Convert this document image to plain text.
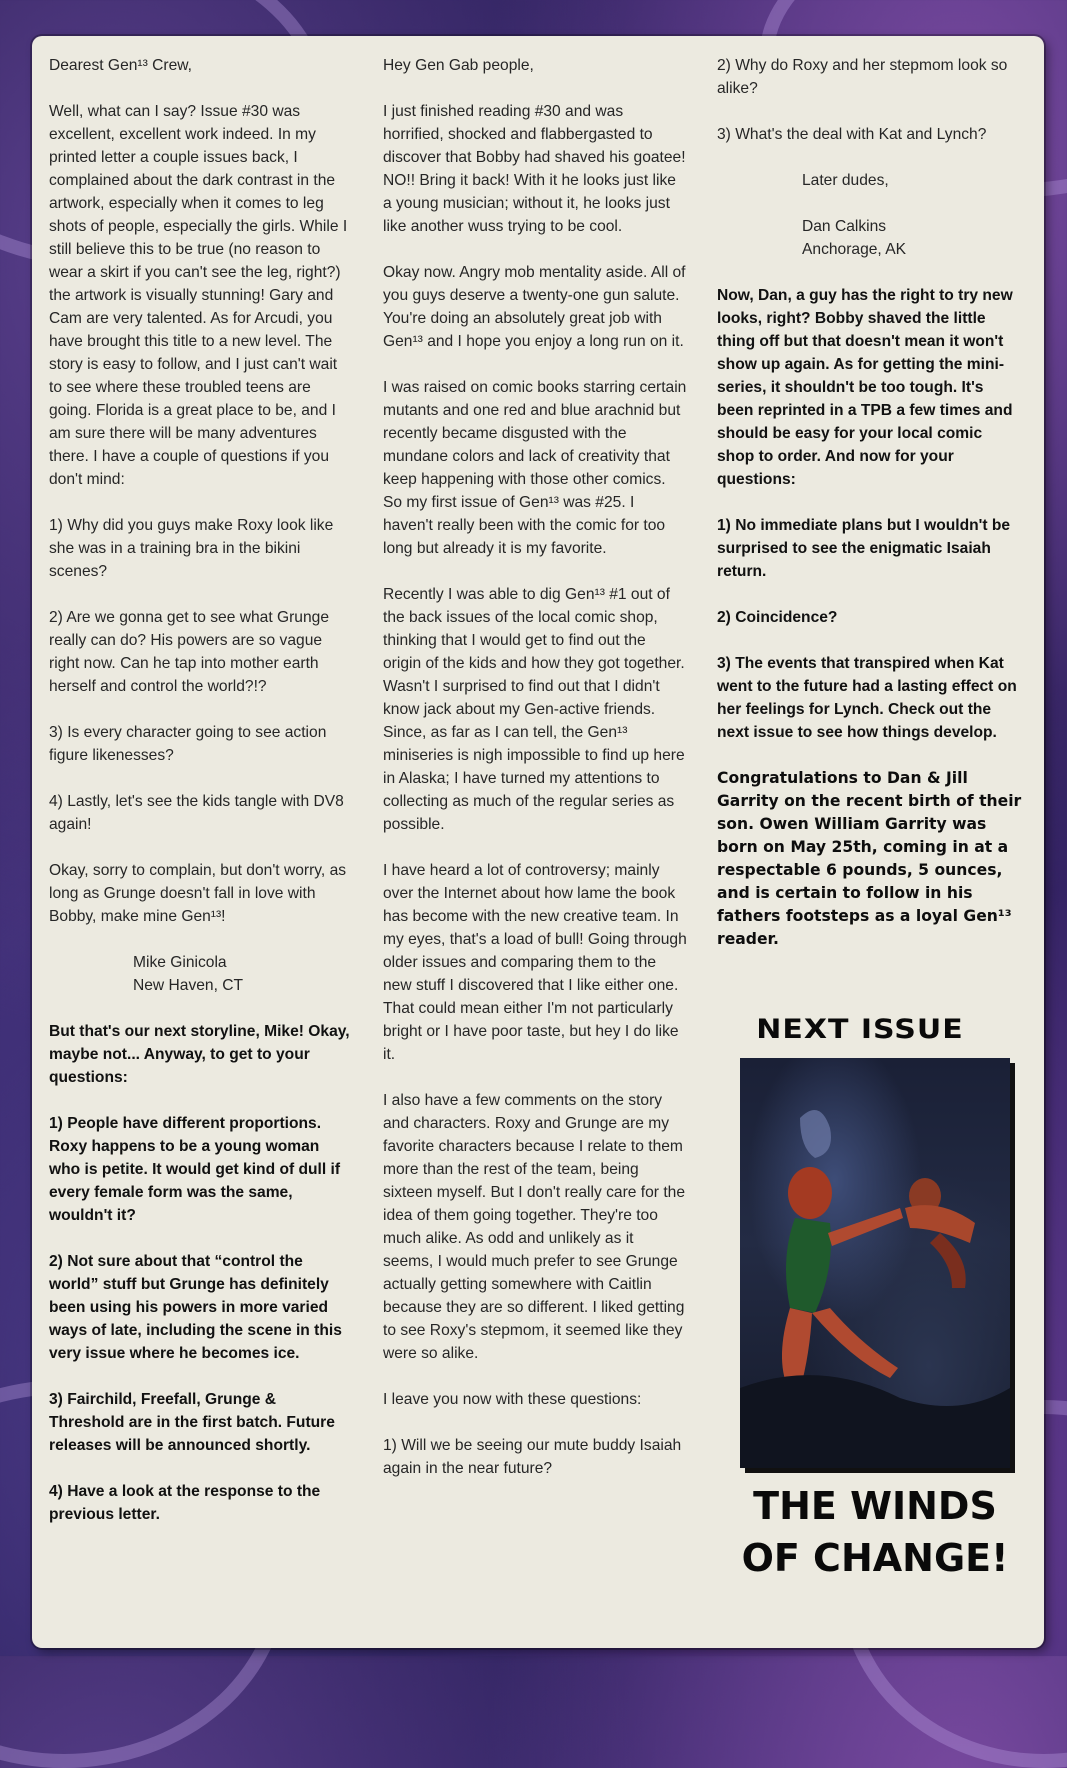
Dearest Gen¹³ Crew,

Well, what can I say? Issue #30 was excellent, excellent work indeed. In my printed letter a couple issues back, I complained about the dark contrast in the artwork, especially when it comes to leg shots of people, especially the girls. While I still believe this to be true (no reason to wear a skirt if you can't see the leg, right?) the artwork is visually stunning! Gary and Cam are very talented. As for Arcudi, you have brought this title to a new level. The story is easy to follow, and I just can't wait to see where these troubled teens are going. Florida is a great place to be, and I am sure there will be many adventures there. I have a couple of questions if you don't mind:

1) Why did you guys make Roxy look like she was in a training bra in the bikini scenes?

2) Are we gonna get to see what Grunge really can do? His powers are so vague right now. Can he tap into mother earth herself and control the world?!?

3) Is every character going to see action figure likenesses?

4) Lastly, let's see the kids tangle with DV8 again!

Okay, sorry to complain, but don't worry, as long as Grunge doesn't fall in love with Bobby, make mine Gen¹³!

Mike Ginicola
New Haven, CT

But that's our next storyline, Mike! Okay, maybe not... Anyway, to get to your questions:

1) People have different proportions. Roxy happens to be a young woman who is petite. It would get kind of dull if every female form was the same, wouldn't it?

2) Not sure about that “control the world” stuff but Grunge has definitely been using his powers in more varied ways of late, including the scene in this very issue where he becomes ice.

3) Fairchild, Freefall, Grunge & Threshold are in the first batch. Future releases will be announced shortly.

4) Have a look at the response to the previous letter.

Hey Gen Gab people,

I just finished reading #30 and was horrified, shocked and flabbergasted to discover that Bobby had shaved his goatee! NO!! Bring it back! With it he looks just like a young musician; without it, he looks just like another wuss trying to be cool.

Okay now. Angry mob mentality aside. All of you guys deserve a twenty-one gun salute. You're doing an absolutely great job with Gen¹³ and I hope you enjoy a long run on it.

I was raised on comic books starring certain mutants and one red and blue arachnid but recently became disgusted with the mundane colors and lack of creativity that keep happening with those other comics. So my first issue of Gen¹³ was #25. I haven't really been with the comic for too long but already it is my favorite.

Recently I was able to dig Gen¹³ #1 out of the back issues of the local comic shop, thinking that I would get to find out the origin of the kids and how they got together. Wasn't I surprised to find out that I didn't know jack about my Gen-active friends. Since, as far as I can tell, the Gen¹³ miniseries is nigh impossible to find up here in Alaska; I have turned my attentions to collecting as much of the regular series as possible.

I have heard a lot of controversy; mainly over the Internet about how lame the book has become with the new creative team. In my eyes, that's a load of bull! Going through older issues and comparing them to the new stuff I discovered that I like either one. That could mean either I'm not particularly bright or I have poor taste, but hey I do like it.

I also have a few comments on the story and characters. Roxy and Grunge are my favorite characters because I relate to them more than the rest of the team, being sixteen myself. But I don't really care for the idea of them going together. They're too much alike. As odd and unlikely as it seems, I would much prefer to see Grunge actually getting somewhere with Caitlin because they are so different. I liked getting to see Roxy's stepmom, it seemed like they were so alike.

I leave you now with these questions:

1) Will we be seeing our mute buddy Isaiah again in the near future?

2) Why do Roxy and her stepmom look so alike?

3) What's the deal with Kat and Lynch?

Later dudes,

Dan Calkins
Anchorage, AK

Now, Dan, a guy has the right to try new looks, right? Bobby shaved the little thing off but that doesn't mean it won't show up again. As for getting the mini-series, it shouldn't be too tough. It's been reprinted in a TPB a few times and should be easy for your local comic shop to order. And now for your questions:

1) No immediate plans but I wouldn't be surprised to see the enigmatic Isaiah return.

2) Coincidence?

3) The events that transpired when Kat went to the future had a lasting effect on her feelings for Lynch. Check out the next issue to see how things develop.

Congratulations to Dan & Jill Garrity on the recent birth of their son. Owen William Garrity was born on May 25th, coming in at a respectable 6 pounds, 5 ounces, and is certain to follow in his fathers footsteps as a loyal Gen¹³ reader.

NEXT ISSUE
THE WINDS
OF CHANGE!
